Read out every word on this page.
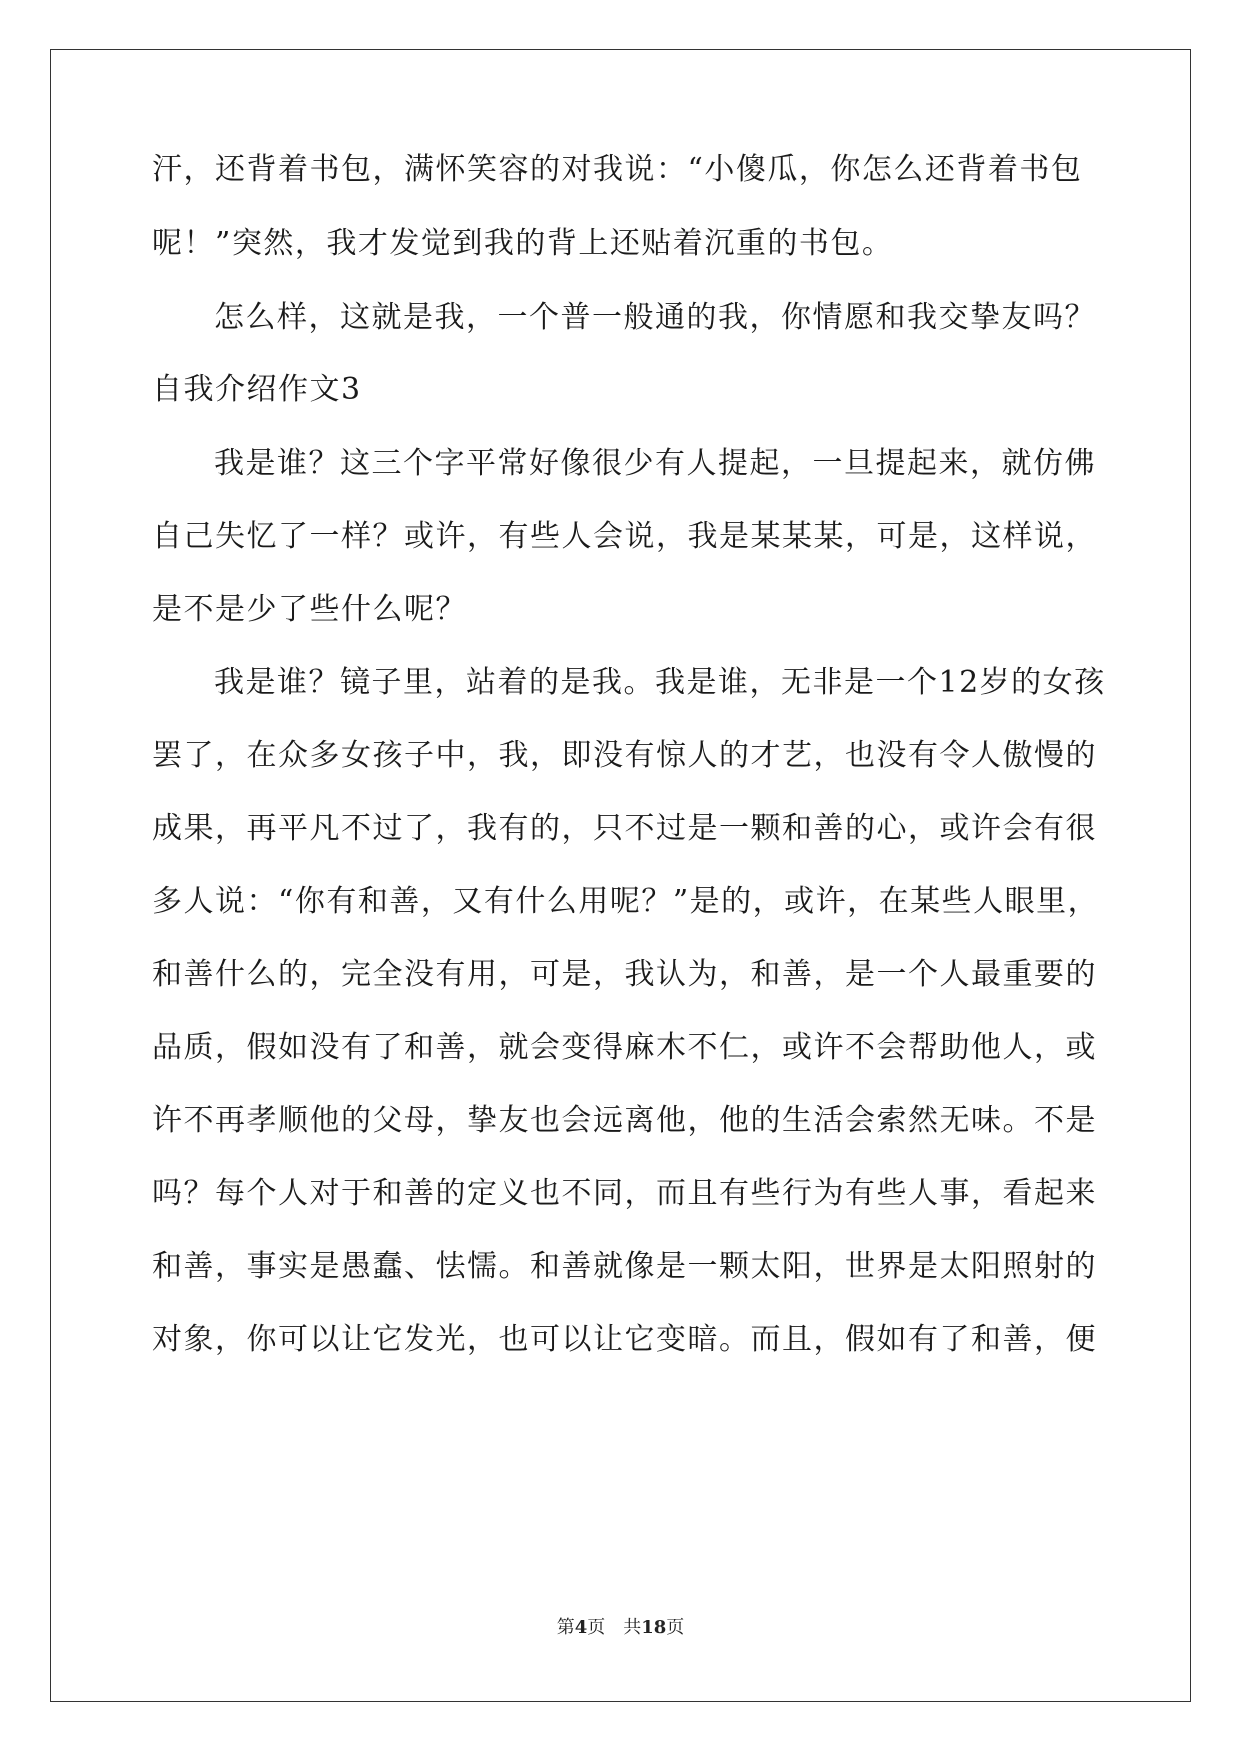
汗，还背着书包，满怀笑容的对我说：“小傻瓜，你怎么还背着书包
呢！”突然，我才发觉到我的背上还贴着沉重的书包。
怎么样，这就是我，一个普一般通的我，你情愿和我交挚友吗？
自我介绍作文3
我是谁？这三个字平常好像很少有人提起，一旦提起来，就仿佛
自己失忆了一样？或许，有些人会说，我是某某某，可是，这样说，
是不是少了些什么呢？
我是谁？镜子里，站着的是我。我是谁，无非是一个12岁的女孩
罢了，在众多女孩子中，我，即没有惊人的才艺，也没有令人傲慢的
成果，再平凡不过了，我有的，只不过是一颗和善的心，或许会有很
多人说：“你有和善，又有什么用呢？”是的，或许，在某些人眼里，
和善什么的，完全没有用，可是，我认为，和善，是一个人最重要的
品质，假如没有了和善，就会变得麻木不仁，或许不会帮助他人，或
许不再孝顺他的父母，挚友也会远离他，他的生活会索然无味。不是
吗？每个人对于和善的定义也不同，而且有些行为有些人事，看起来
和善，事实是愚蠢、怯懦。和善就像是一颗太阳，世界是太阳照射的
对象，你可以让它发光，也可以让它变暗。而且，假如有了和善，便
第4页　共18页
